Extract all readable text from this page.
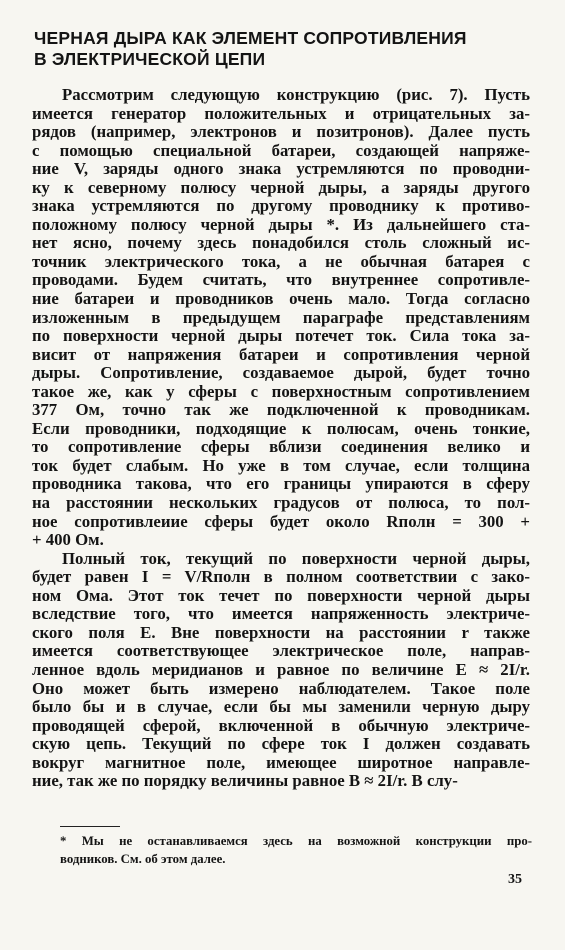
ЧЕРНАЯ ДЫРА КАК ЭЛЕМЕНТ СОПРОТИВЛЕНИЯ
В ЭЛЕКТРИЧЕСКОЙ ЦЕПИ
Рассмотрим следующую конструкцию (рис. 7). Пусть
имеется генератор положительных и отрицательных за-
рядов (например, электронов и позитронов). Далее пусть
с помощью специальной батареи, создающей напряже-
ние V, заряды одного знака устремляются по проводни-
ку к северному полюсу черной дыры, а заряды другого
знака устремляются по другому проводнику к противо-
положному полюсу черной дыры *. Из дальнейшего ста-
нет ясно, почему здесь понадобился столь сложный ис-
точник электрического тока, а не обычная батарея с
проводами. Будем считать, что внутреннее сопротивле-
ние батареи и проводников очень мало. Тогда согласно
изложенным в предыдущем параграфе представлениям
по поверхности черной дыры потечет ток. Сила тока за-
висит от напряжения батареи и сопротивления черной
дыры. Сопротивление, создаваемое дырой, будет точно
такое же, как у сферы с поверхностным сопротивлением
377 Ом, точно так же подключенной к проводникам.
Если проводники, подходящие к полюсам, очень тонкие,
то сопротивление сферы вблизи соединения велико и
ток будет слабым. Но уже в том случае, если толщина
проводника такова, что его границы упираются в сферу
на расстоянии нескольких градусов от полюса, то пол-
ное сопротивлеиие сферы будет около Rполн = 300 +
+ 400 Ом.
Полный ток, текущий по поверхности черной дыры,
будет равен I = V/Rполн в полном соответствии с зако-
ном Ома. Этот ток течет по поверхности черной дыры
вследствие того, что имеется напряженность электриче-
ского поля E. Вне поверхности на расстоянии r также
имеется соответствующее электрическое поле, направ-
ленное вдоль меридианов и равное по величине E ≈ 2I/r.
Оно может быть измерено наблюдателем. Такое поле
было бы и в случае, если бы мы заменили черную дыру
проводящей сферой, включенной в обычную электриче-
скую цепь. Текущий по сфере ток I должен создавать
вокруг магнитное поле, имеющее широтное направле-
ние, так же по порядку величины равное B ≈ 2I/r. В слу-
* Мы не останавливаемся здесь на возможной конструкции про-
водников. См. об этом далее.
35
